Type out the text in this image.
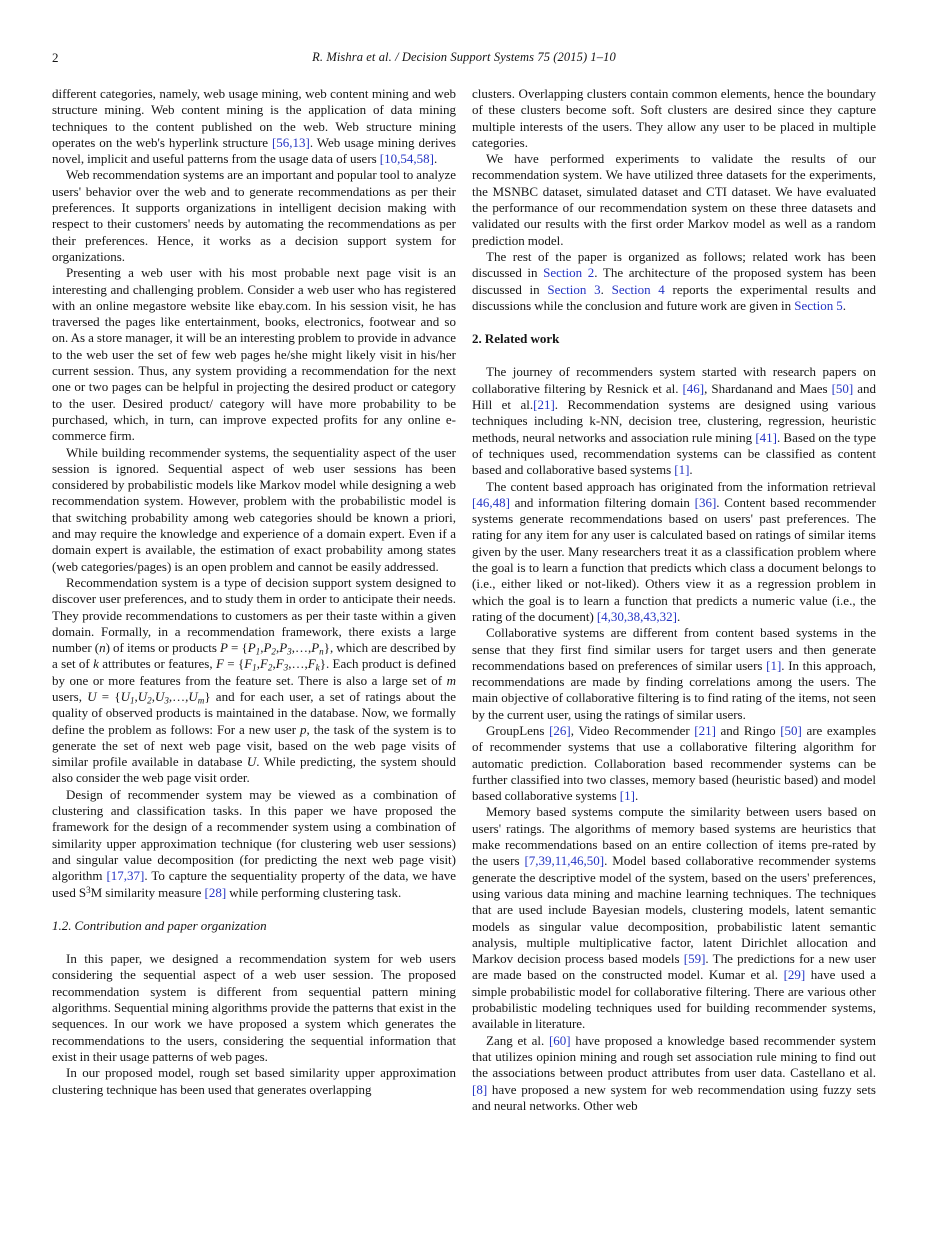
2	R. Mishra et al. / Decision Support Systems 75 (2015) 1–10

different categories, namely, web usage mining, web content mining and web structure mining. Web content mining is the application of data mining techniques to the content published on the web. Web structure mining operates on the web's hyperlink structure [56,13]. Web usage mining derives novel, implicit and useful patterns from the usage data of users [10,54,58].

Web recommendation systems are an important and popular tool to analyze users' behavior over the web and to generate recommendations as per their preferences. It supports organizations in intelligent decision making with respect to their customers' needs by automating the recommendations as per their preferences. Hence, it works as a decision support system for organizations.

Presenting a web user with his most probable next page visit is an interesting and challenging problem. Consider a web user who has registered with an online megastore website like ebay.com. In his session visit, he has traversed the pages like entertainment, books, electronics, footwear and so on. As a store manager, it will be an interesting problem to provide in advance to the web user the set of few web pages he/she might likely visit in his/her current session. Thus, any system providing a recommendation for the next one or two pages can be helpful in projecting the desired product or category to the user. Desired product/ category will have more probability to be purchased, which, in turn, can improve expected profits for any online e-commerce firm.

While building recommender systems, the sequentiality aspect of the user session is ignored. Sequential aspect of web user sessions has been considered by probabilistic models like Markov model while designing a web recommendation system. However, problem with the probabilistic model is that switching probability among web categories should be known a priori, and may require the knowledge and experience of a domain expert. Even if a domain expert is available, the estimation of exact probability among states (web categories/pages) is an open problem and cannot be easily addressed.

Recommendation system is a type of decision support system designed to discover user preferences, and to study them in order to anticipate their needs. They provide recommendations to customers as per their taste within a given domain. Formally, in a recommendation framework, there exists a large number (n) of items or products $P = \{P_1,P_2,P_3,\dots,P_n\}$, which are described by a set of k attributes or features, $F = \{F_1,F_2,F_3,\dots,F_k\}$. Each product is defined by one or more features from the feature set. There is also a large set of m users, $U = \{U_1,U_2,U_3,\dots,U_m\}$ and for each user, a set of ratings about the quality of observed products is maintained in the database. Now, we formally define the problem as follows: For a new user p, the task of the system is to generate the set of next web page visit, based on the web page visits of similar profile available in database U. While predicting, the system should also consider the web page visit order.

Design of recommender system may be viewed as a combination of clustering and classification tasks. In this paper we have proposed the framework for the design of a recommender system using a combination of similarity upper approximation technique (for clustering web user sessions) and singular value decomposition (for predicting the next web page visit) algorithm [17,37]. To capture the sequentiality property of the data, we have used $S^3M$ similarity measure [28] while performing clustering task.

1.2. Contribution and paper organization

In this paper, we designed a recommendation system for web users considering the sequential aspect of a web user session. The proposed recommendation system is different from sequential pattern mining algorithms. Sequential mining algorithms provide the patterns that exist in the sequences. In our work we have proposed a system which generates the recommendations to the users, considering the sequential information that exist in their usage patterns of web pages.

In our proposed model, rough set based similarity upper approximation clustering technique has been used that generates overlapping

clusters. Overlapping clusters contain common elements, hence the boundary of these clusters become soft. Soft clusters are desired since they capture multiple interests of the users. They allow any user to be placed in multiple categories.

We have performed experiments to validate the results of our recommendation system. We have utilized three datasets for the experiments, the MSNBC dataset, simulated dataset and CTI dataset. We have evaluated the performance of our recommendation system on these three datasets and validated our results with the first order Markov model as well as a random prediction model.

The rest of the paper is organized as follows; related work has been discussed in Section 2. The architecture of the proposed system has been discussed in Section 3. Section 4 reports the experimental results and discussions while the conclusion and future work are given in Section 5.

2. Related work

The journey of recommenders system started with research papers on collaborative filtering by Resnick et al. [46], Shardanand and Maes [50] and Hill et al.[21]. Recommendation systems are designed using various techniques including k-NN, decision tree, clustering, regression, heuristic methods, neural networks and association rule mining [41]. Based on the type of techniques used, recommendation systems can be classified as content based and collaborative based systems [1].

The content based approach has originated from the information retrieval [46,48] and information filtering domain [36]. Content based recommender systems generate recommendations based on users' past preferences. The rating for any item for any user is calculated based on ratings of similar items given by the user. Many researchers treat it as a classification problem where the goal is to learn a function that predicts which class a document belongs to (i.e., either liked or not-liked). Others view it as a regression problem in which the goal is to learn a function that predicts a numeric value (i.e., the rating of the document) [4,30,38,43,32].

Collaborative systems are different from content based systems in the sense that they first find similar users for target users and then generate recommendations based on preferences of similar users [1]. In this approach, recommendations are made by finding correlations among the users. The main objective of collaborative filtering is to find rating of the items, not seen by the current user, using the ratings of similar users.

GroupLens [26], Video Recommender [21] and Ringo [50] are examples of recommender systems that use a collaborative filtering algorithm for automatic prediction. Collaboration based recommender systems can be further classified into two classes, memory based (heuristic based) and model based collaborative systems [1].

Memory based systems compute the similarity between users based on users' ratings. The algorithms of memory based systems are heuristics that make recommendations based on an entire collection of items pre-rated by the users [7,39,11,46,50]. Model based collaborative recommender systems generate the descriptive model of the system, based on the users' preferences, using various data mining and machine learning techniques. The techniques that are used include Bayesian models, clustering models, latent semantic models as singular value decomposition, probabilistic latent semantic analysis, multiple multiplicative factor, latent Dirichlet allocation and Markov decision process based models [59]. The predictions for a new user are made based on the constructed model. Kumar et al. [29] have used a simple probabilistic model for collaborative filtering. There are various other probabilistic modeling techniques used for building recommender systems, available in literature.

Zang et al. [60] have proposed a knowledge based recommender system that utilizes opinion mining and rough set association rule mining to find out the associations between product attributes from user data. Castellano et al.[8] have proposed a new system for web recommendation using fuzzy sets and neural networks. Other web
